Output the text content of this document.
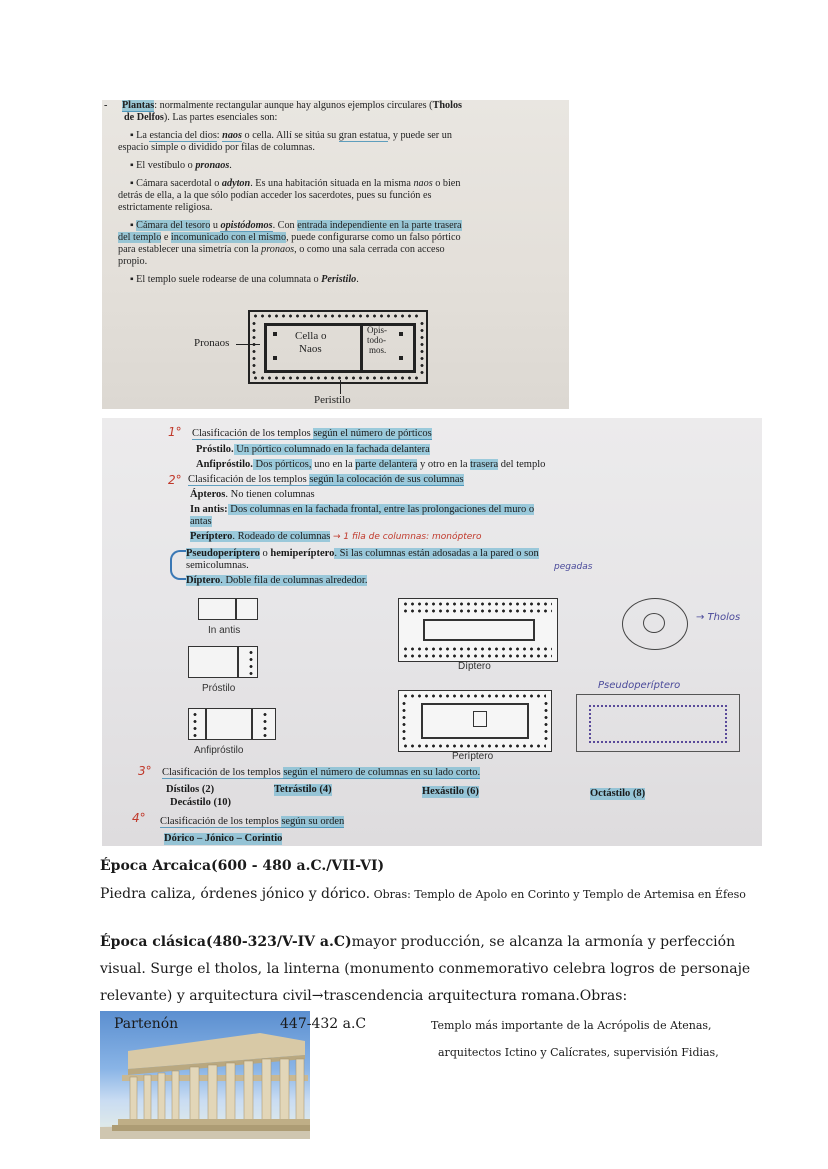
- Plantas: normalmente rectangular aunque hay algunos ejemplos circulares (Tholos
de Delfos). Las partes esenciales son:
▪ La estancia del dios: naos o cella. Allí se sitúa su gran estatua, y puede ser un
espacio simple o dividido por filas de columnas.
▪ El vestíbulo o pronaos.
▪ Cámara sacerdotal o adyton. Es una habitación situada en la misma naos o bien
detrás de ella, a la que sólo podían acceder los sacerdotes, pues su función es
estrictamente religiosa.
▪ Cámara del tesoro u opistódomos. Con entrada independiente en la parte trasera
del templo e incomunicado con el mismo, puede configurarse como un falso pórtico
para establecer una simetría con la pronaos, o como una sala cerrada con acceso
propio.
▪ El templo suele rodearse de una columnata o Peristilo.
Cella o
Naos
Opis-
todo-
mos.
Pronaos
Peristilo
1° Clasificación de los templos según el número de pórticos
Próstilo. Un pórtico columnado en la fachada delantera
Anfipróstilo. Dos pórticos, uno en la parte delantera y otro en la trasera del templo
2° Clasificación de los templos según la colocación de sus columnas
Ápteros. No tienen columnas
In antis: Dos columnas en la fachada frontal, entre las prolongaciones del muro o
antas
Períptero. Rodeado de columnas → 1 fila de columnas: monóptero
Pseudoperíptero o hemiperíptero. Si las columnas están adosadas a la pared o son
semicolumnas.	pegadas
Díptero. Doble fila de columnas alrededor.
In antis
Próstilo
Anfipróstilo
Díptero
Períptero
→ Tholos
Pseudoperíptero
3° Clasificación de los templos según el número de columnas en su lado corto.
Dístilos (2)	Tetrástilo (4)	Hexástilo (6)	Octástilo (8)
Decástilo (10)
4° Clasificación de los templos según su orden
Dórico – Jónico – Corintio
Época Arcaica(600 - 480 a.C./VII-VI)
Piedra caliza, órdenes jónico y dórico. Obras: Templo de Apolo en Corinto y Templo de Artemisa en Éfeso
Época clásica(480-323/V-IV a.C)mayor producción, se alcanza la armonía y perfección
visual. Surge el tholos, la linterna (monumento conmemorativo celebra logros de personaje
relevante) y arquitectura civil→trascendencia arquitectura romana.Obras:
Partenón	447-432 a.C	Templo más importante de la Acrópolis de Atenas,
arquitectos Ictino y Calícrates, supervisión Fidias,
